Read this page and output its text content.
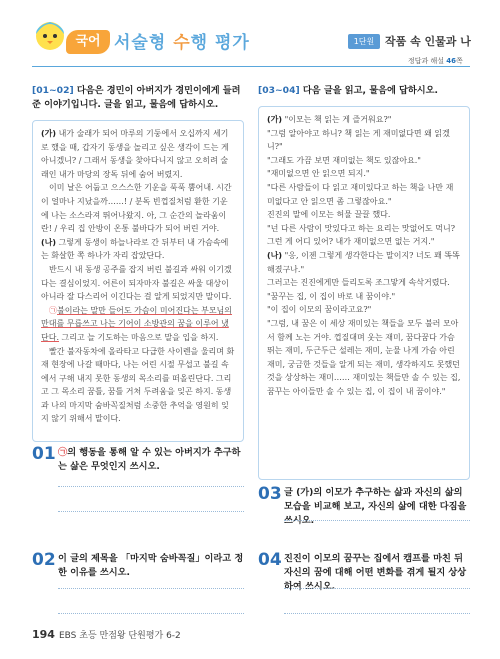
국어 서술형 수행 평가	1단원 작품 속 인물과 나
정답과 해설 46쪽
[01~02] 다음은 경민이 아버지가 경민이에게 들려준 이야기입니다. 글을 읽고, 물음에 답하시오.

(가) 내가 술래가 되어 마루의 기둥에서 오십까지 세기로 했을 때, 갑자기 동생을 놀리고 싶은 생각이 드는 게 아니겠니? / 그래서 동생을 찾아다니지 않고 오히려 술래인 내가 마당의 장독 뒤에 숨어 버렸지.

이미 날은 어둡고 으스스한 기운을 푹푹 뿜어내. 시간이 얼마나 지났을까……! / 분독 빈껍질처럼 환한 기운에 나는 소스라져 뛰어나왔지. 아, 그 순간의 놀라움이란! / 우리 집 안방이 온통 불바다가 되어 버린 거야.

(나) 그렇게 동생이 하늘나라로 간 뒤부터 내 가슴속에는 화살한 쪽 하나가 자리 잡았단다.

반드시 내 동생 공주를 잡지 버린 불길과 싸워 이기겠다는 결심이었지. 어른이 되자마자 불길은 싸울 대상이 아니라 잘 다스리어 이긴다는 걸 알게 되었지만 말이다.

㉠불이라는 말만 들어도 가슴이 미어진다는 부모님의 만대를 무릅쓰고 나는 기어이 소방관의 꿈을 이루어 냈단다. 그리고 늘 기도하는 마음으로 말을 입을 하지.

빨간 불자동차에 올라타고 다급한 사이렌을 울리며 화재 현장에 나갈 때마다, 나는 어린 시절 무섭고 불길 속에서 구해 내지 못한 동생의 목소리를 떠올린단다. 그리고 그 목소리 꿈틀, 꿈틀 거처 두려움을 잊곤 하지. 동생과 나의 마지막 숨바꼭질처럼 소중한 추억을 영원히 잊지 않기 위해서 말이다.

[03~04] 다음 글을 읽고, 물음에 답하시오.

(가) "이모는 책 읽는 게 즐거워요?"

"그럼 알아야고 하니? 책 읽는 게 재미없다면 왜 읽겠니?"

"그래도 가끔 보면 재미없는 책도 있잖아요."

"재미없으면 안 읽으면 되지."

"다른 사람들이 다 읽고 재미있다고 하는 책을 나만 재미없다고 안 읽으면 좀 그렇잖아요."

진진의 말에 이모는 허물 끌끌 했다.

"넌 다른 사람이 맛있다고 하는 요리는 맛없어도 먹니? 그런 게 어디 있어? 내가 재미없으면 없는 거지."

(나) "응, 이젠 그렇게 생각한다는 말이지? 너도 꽤 똑똑해졌구나."

그러고는 진진에게만 들리도록 조그맣게 속삭거렸다.

"꿈꾸는 집, 이 집이 바로 내 꿈이야."

"이 집이 이모의 꿈이라고요?"

"그럼, 내 꿈은 이 세상 재미있는 책들을 모두 불러 모아서 함께 노는 거야. 껍질대며 웃는 재미, 꿈다꿈다 가슴 뛰는 재미, 두근두근 설레는 재미, 눈물 나게 가슴 아린 재미, 궁금한 것들을 알게 되는 재미, 생각하지도 못했던 것을 상상하는 재미…… 재미있는 책들만 솔 수 있는 집, 꿈꾸는 아이들만 솔 수 있는 집, 이 집이 내 꿈이야."

01 ㉠의 행동을 통해 알 수 있는 아버지가 추구하는 삶은 무엇인지 쓰시오.
02 이 글의 제목을 「마지막 숨바꼭질」이라고 정한 이유를 쓰시오.
03 글 (가)의 이모가 추구하는 삶과 자신의 삶의 모습을 비교해 보고, 자신의 삶에 대한 다짐을 쓰시오.
04 진진이 이모의 꿈꾸는 집에서 캠프를 마친 뒤 자신의 꿈에 대해 어떤 변화를 겪게 될지 상상하여 쓰시오.
194 EBS 초등 만점왕 단원평가 6-2
